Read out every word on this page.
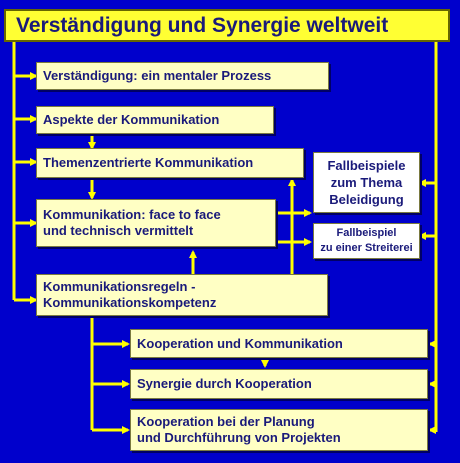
Verständigung und Synergie weltweit
Verständigung: ein mentaler Prozess
Aspekte der Kommunikation
Themenzentrierte Kommunikation
Kommunikation: face to face
und technisch vermittelt
Kommunikationsregeln -
Kommunikationskompetenz
Kooperation und Kommunikation
Synergie durch Kooperation
Kooperation bei der Planung
und Durchführung von Projekten
Fallbeispiele
zum Thema
Beleidigung
Fallbeispiel
zu einer Streiterei
